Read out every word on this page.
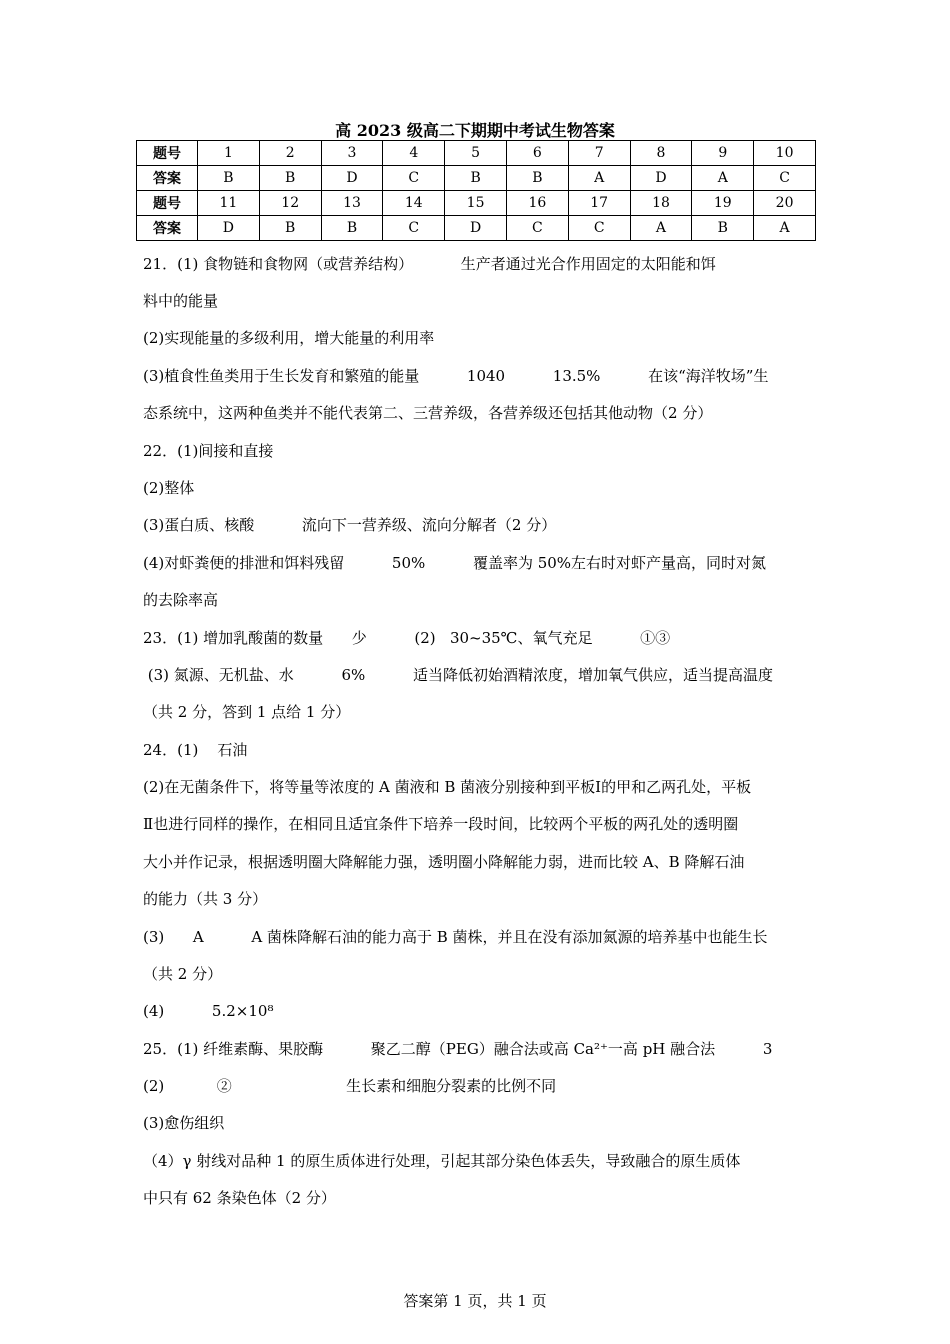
高 2023 级高二下期期中考试生物答案
题号	1	2	3	4	5	6	7	8	9	10
答案	B	B	D	C	B	B	A	D	A	C
题号	11	12	13	14	15	16	17	18	19	20
答案	D	B	B	C	D	C	C	A	B	A
21．(1) 食物链和食物网（或营养结构）          生产者通过光合作用固定的太阳能和饵
料中的能量
(2)实现能量的多级利用，增大能量的利用率
(3)植食性鱼类用于生长发育和繁殖的能量          1040          13.5%          在该“海洋牧场”生
态系统中，这两种鱼类并不能代表第二、三营养级，各营养级还包括其他动物（2 分）
22．(1)间接和直接
(2)整体
(3)蛋白质、核酸          流向下一营养级、流向分解者（2 分）
(4)对虾粪便的排泄和饵料残留          50%          覆盖率为 50%左右时对虾产量高，同时对氮
的去除率高
23．(1) 增加乳酸菌的数量      少          (2)   30~35℃、氧气充足          ①③
(3) 氮源、无机盐、水          6%          适当降低初始酒精浓度，增加氧气供应，适当提高温度
（共 2 分，答到 1 点给 1 分）
24．(1)    石油
(2)在无菌条件下，将等量等浓度的 A 菌液和 B 菌液分别接种到平板Ⅰ的甲和乙两孔处，平板
Ⅱ也进行同样的操作，在相同且适宜条件下培养一段时间，比较两个平板的两孔处的透明圈
大小并作记录，根据透明圈大降解能力强，透明圈小降解能力弱，进而比较 A、B 降解石油
的能力（共 3 分）
(3)      A          A 菌株降解石油的能力高于 B 菌株，并且在没有添加氮源的培养基中也能生长
（共 2 分）
(4)          5.2×10⁸
25．(1) 纤维素酶、果胶酶          聚乙二醇（PEG）融合法或高 Ca²⁺一高 pH 融合法          3
(2)           ②                        生长素和细胞分裂素的比例不同
(3)愈伤组织
（4）γ 射线对品种 1 的原生质体进行处理，引起其部分染色体丢失，导致融合的原生质体
中只有 62 条染色体（2 分）
答案第 1 页，共 1 页
